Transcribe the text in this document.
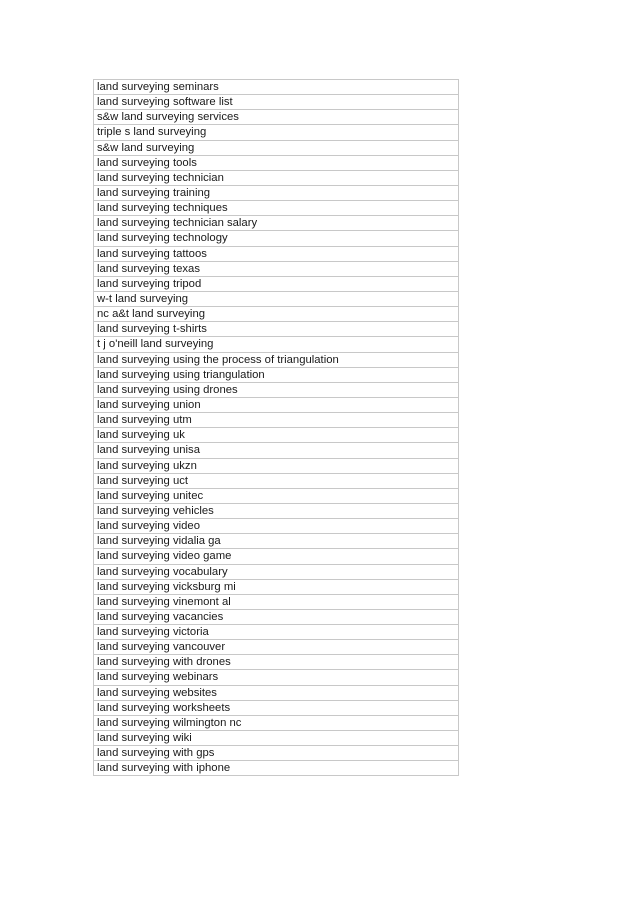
land surveying seminars
land surveying software list
s&w land surveying services
triple s land surveying
s&w land surveying
land surveying tools
land surveying technician
land surveying training
land surveying techniques
land surveying technician salary
land surveying technology
land surveying tattoos
land surveying texas
land surveying tripod
w-t land surveying
nc a&t land surveying
land surveying t-shirts
t j o'neill land surveying
land surveying using the process of triangulation
land surveying using triangulation
land surveying using drones
land surveying union
land surveying utm
land surveying uk
land surveying unisa
land surveying ukzn
land surveying uct
land surveying unitec
land surveying vehicles
land surveying video
land surveying vidalia ga
land surveying video game
land surveying vocabulary
land surveying vicksburg mi
land surveying vinemont al
land surveying vacancies
land surveying victoria
land surveying vancouver
land surveying with drones
land surveying webinars
land surveying websites
land surveying worksheets
land surveying wilmington nc
land surveying wiki
land surveying with gps
land surveying with iphone
